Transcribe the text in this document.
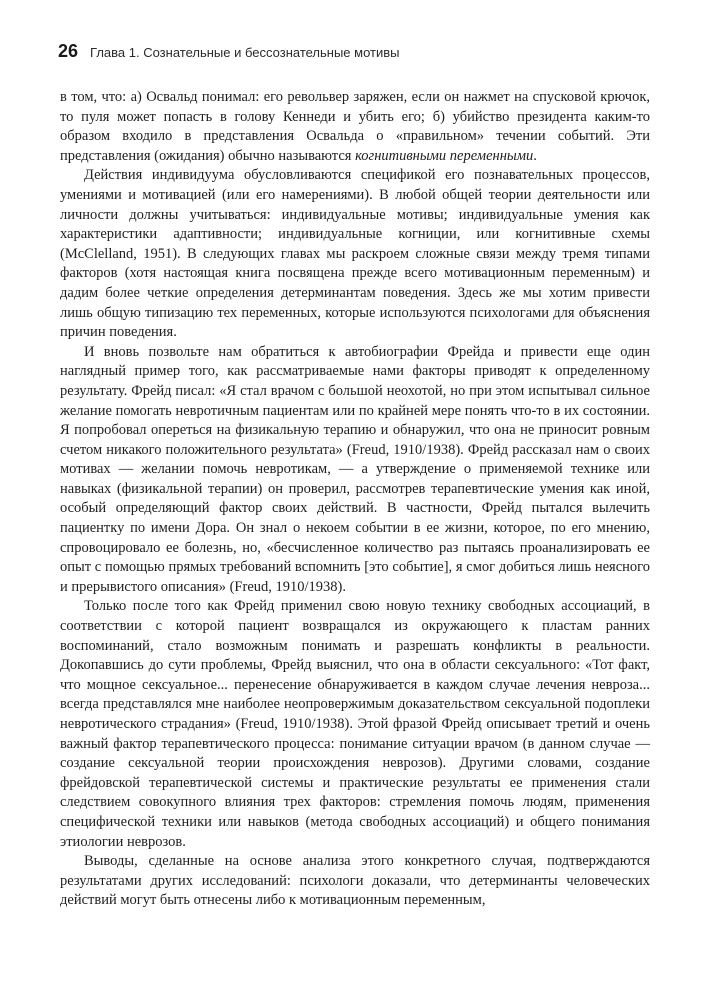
26 Глава 1. Сознательные и бессознательные мотивы

в том, что: а) Освальд понимал: его револьвер заряжен, если он нажмет на спусковой крючок, то пуля может попасть в голову Кеннеди и убить его; б) убийство президента каким-то образом входило в представления Освальда о «правильном» течении событий. Эти представления (ожидания) обычно называются когнитивными переменными.

Действия индивидуума обусловливаются спецификой его познавательных процессов, умениями и мотивацией (или его намерениями). В любой общей теории деятельности или личности должны учитываться: индивидуальные мотивы; индивидуальные умения как характеристики адаптивности; индивидуальные когниции, или когнитивные схемы (McClelland, 1951). В следующих главах мы раскроем сложные связи между тремя типами факторов (хотя настоящая книга посвящена прежде всего мотивационным переменным) и дадим более четкие определения детерминантам поведения. Здесь же мы хотим привести лишь общую типизацию тех переменных, которые используются психологами для объяснения причин поведения.

И вновь позвольте нам обратиться к автобиографии Фрейда и привести еще один наглядный пример того, как рассматриваемые нами факторы приводят к определенному результату. Фрейд писал: «Я стал врачом с большой неохотой, но при этом испытывал сильное желание помогать невротичным пациентам или по крайней мере понять что-то в их состоянии. Я попробовал опереться на физикальную терапию и обнаружил, что она не приносит ровным счетом никакого положительного результата» (Freud, 1910/1938). Фрейд рассказал нам о своих мотивах — желании помочь невротикам, — а утверждение о применяемой технике или навыках (физикальной терапии) он проверил, рассмотрев терапевтические умения как иной, особый определяющий фактор своих действий. В частности, Фрейд пытался вылечить пациентку по имени Дора. Он знал о некоем событии в ее жизни, которое, по его мнению, спровоцировало ее болезнь, но, «бесчисленное количество раз пытаясь проанализировать ее опыт с помощью прямых требований вспомнить [это событие], я смог добиться лишь неясного и прерывистого описания» (Freud, 1910/1938).

Только после того как Фрейд применил свою новую технику свободных ассоциаций, в соответствии с которой пациент возвращался из окружающего к пластам ранних воспоминаний, стало возможным понимать и разрешать конфликты в реальности. Докопавшись до сути проблемы, Фрейд выяснил, что она в области сексуального: «Тот факт, что мощное сексуальное... перенесение обнаруживается в каждом случае лечения невроза... всегда представлялся мне наиболее неопровержимым доказательством сексуальной подоплеки невротического страдания» (Freud, 1910/1938). Этой фразой Фрейд описывает третий и очень важный фактор терапевтического процесса: понимание ситуации врачом (в данном случае — создание сексуальной теории происхождения неврозов). Другими словами, создание фрейдовской терапевтической системы и практические результаты ее применения стали следствием совокупного влияния трех факторов: стремления помочь людям, применения специфической техники или навыков (метода свободных ассоциаций) и общего понимания этиологии неврозов.

Выводы, сделанные на основе анализа этого конкретного случая, подтверждаются результатами других исследований: психологи доказали, что детерминанты человеческих действий могут быть отнесены либо к мотивационным переменным,
